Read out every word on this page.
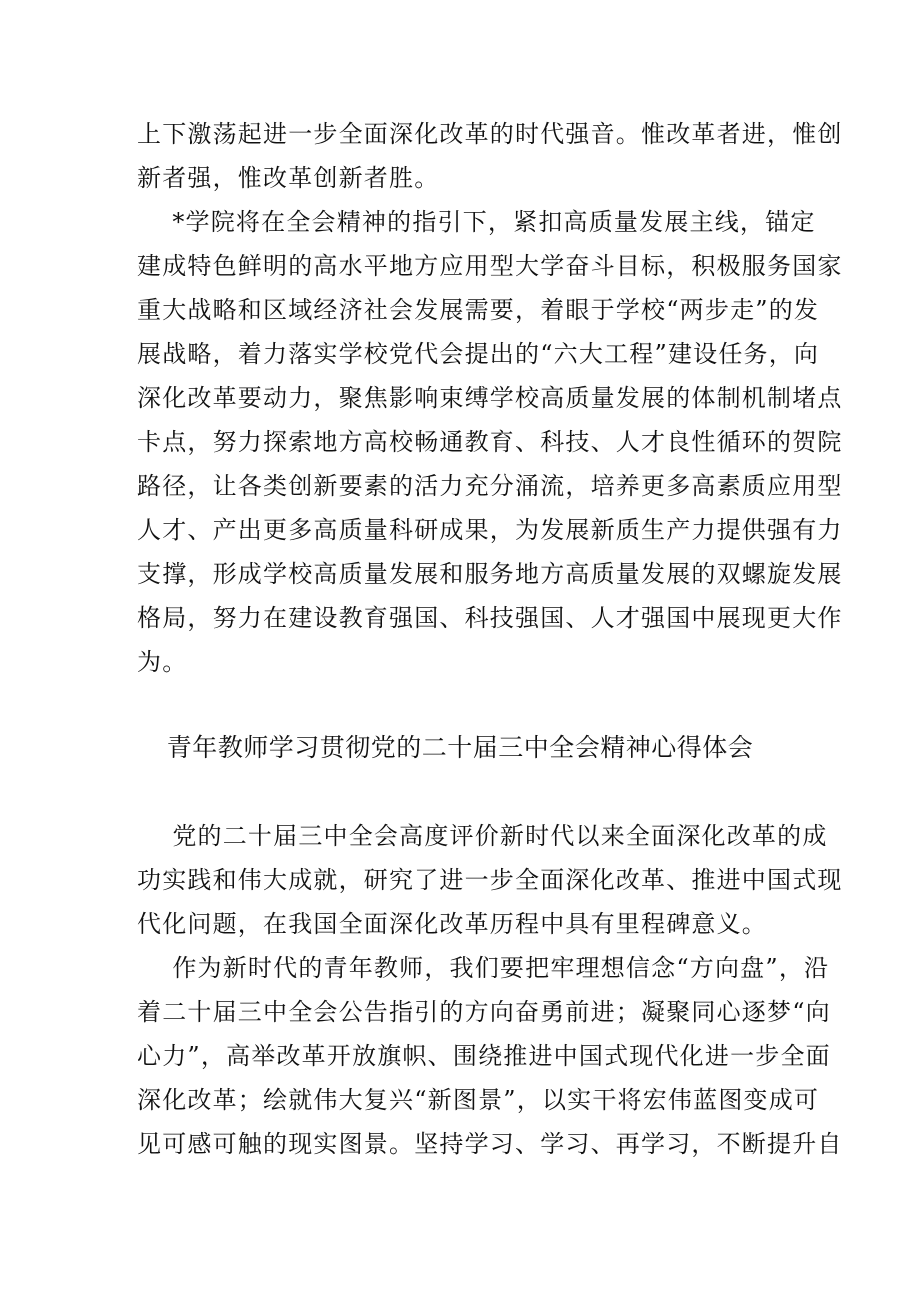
上下激荡起进一步全面深化改革的时代强音。惟改革者进，惟创
新者强，惟改革创新者胜。
*学院将在全会精神的指引下，紧扣高质量发展主线，锚定
建成特色鲜明的高水平地方应用型大学奋斗目标，积极服务国家
重大战略和区域经济社会发展需要，着眼于学校“两步走”的发
展战略，着力落实学校党代会提出的“六大工程”建设任务，向
深化改革要动力，聚焦影响束缚学校高质量发展的体制机制堵点
卡点，努力探索地方高校畅通教育、科技、人才良性循环的贺院
路径，让各类创新要素的活力充分涌流，培养更多高素质应用型
人才、产出更多高质量科研成果，为发展新质生产力提供强有力
支撑，形成学校高质量发展和服务地方高质量发展的双螺旋发展
格局，努力在建设教育强国、科技强国、人才强国中展现更大作
为。
青年教师学习贯彻党的二十届三中全会精神心得体会
党的二十届三中全会高度评价新时代以来全面深化改革的成
功实践和伟大成就，研究了进一步全面深化改革、推进中国式现
代化问题，在我国全面深化改革历程中具有里程碑意义。
作为新时代的青年教师，我们要把牢理想信念“方向盘”，沿
着二十届三中全会公告指引的方向奋勇前进；凝聚同心逐梦“向
心力”，高举改革开放旗帜、围绕推进中国式现代化进一步全面
深化改革；绘就伟大复兴“新图景”，以实干将宏伟蓝图变成可
见可感可触的现实图景。坚持学习、学习、再学习，不断提升自
